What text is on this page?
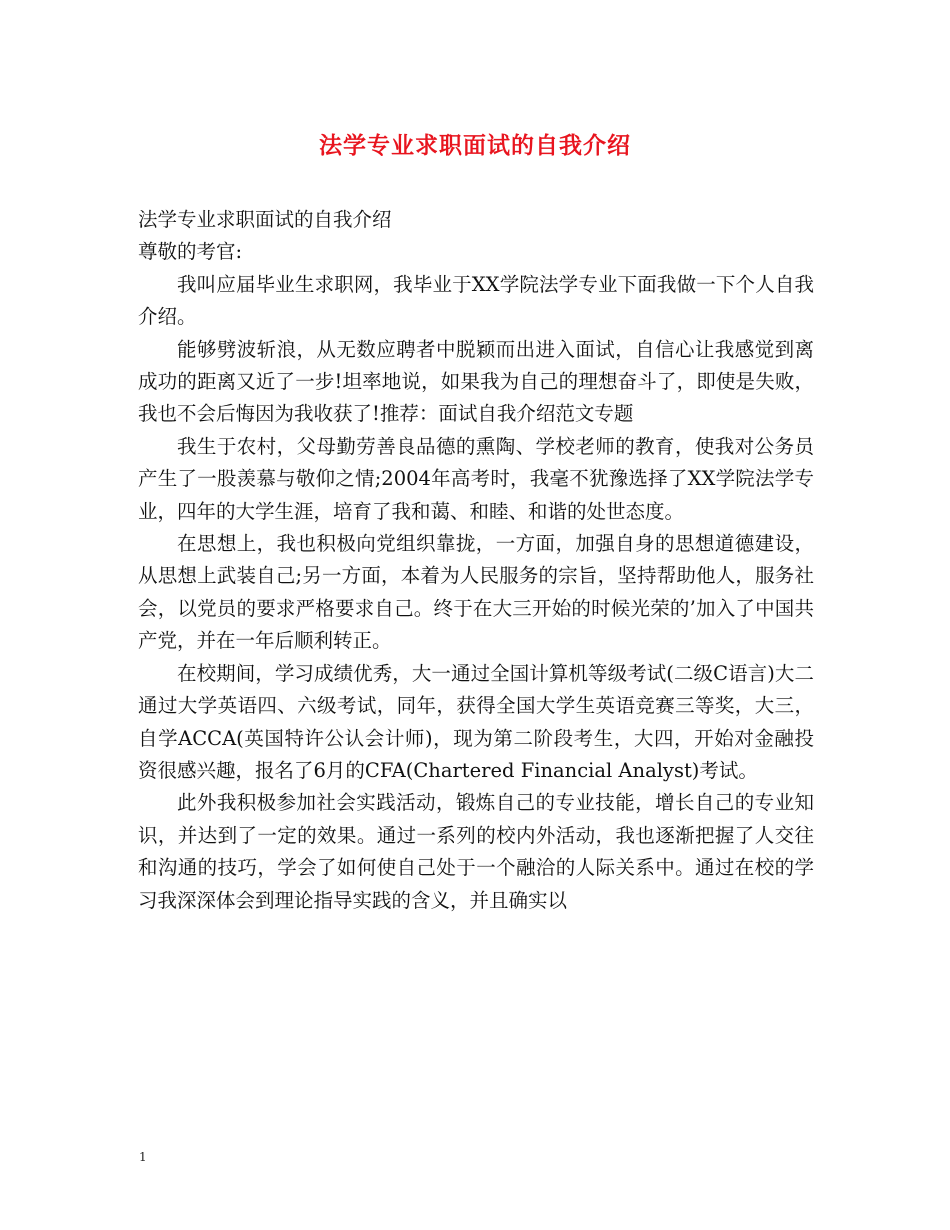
法学专业求职面试的自我介绍

法学专业求职面试的自我介绍

尊敬的考官:

我叫应届毕业生求职网，我毕业于XX学院法学专业下面我做一下个人自我介绍。

能够劈波斩浪，从无数应聘者中脱颖而出进入面试，自信心让我感觉到离成功的距离又近了一步!坦率地说，如果我为自己的理想奋斗了，即使是失败，我也不会后悔因为我收获了!推荐：面试自我介绍范文专题

我生于农村，父母勤劳善良品德的熏陶、学校老师的教育，使我对公务员产生了一股羡慕与敬仰之情;2004年高考时，我毫不犹豫选择了XX学院法学专业，四年的大学生涯，培育了我和蔼、和睦、和谐的处世态度。

在思想上，我也积极向党组织靠拢，一方面，加强自身的思想道德建设，从思想上武装自己;另一方面，本着为人民服务的宗旨，坚持帮助他人，服务社会，以党员的要求严格要求自己。终于在大三开始的时候光荣的’加入了中国共产党，并在一年后顺利转正。

在校期间，学习成绩优秀，大一通过全国计算机等级考试(二级C语言)大二通过大学英语四、六级考试，同年，获得全国大学生英语竞赛三等奖，大三，自学ACCA(英国特许公认会计师)，现为第二阶段考生，大四，开始对金融投资很感兴趣，报名了6月的CFA(Chartered Financial Analyst)考试。

此外我积极参加社会实践活动，锻炼自己的专业技能，增长自己的专业知识，并达到了一定的效果。通过一系列的校内外活动，我也逐渐把握了人交往和沟通的技巧，学会了如何使自己处于一个融洽的人际关系中。通过在校的学习我深深体会到理论指导实践的含义，并且确实以

1
